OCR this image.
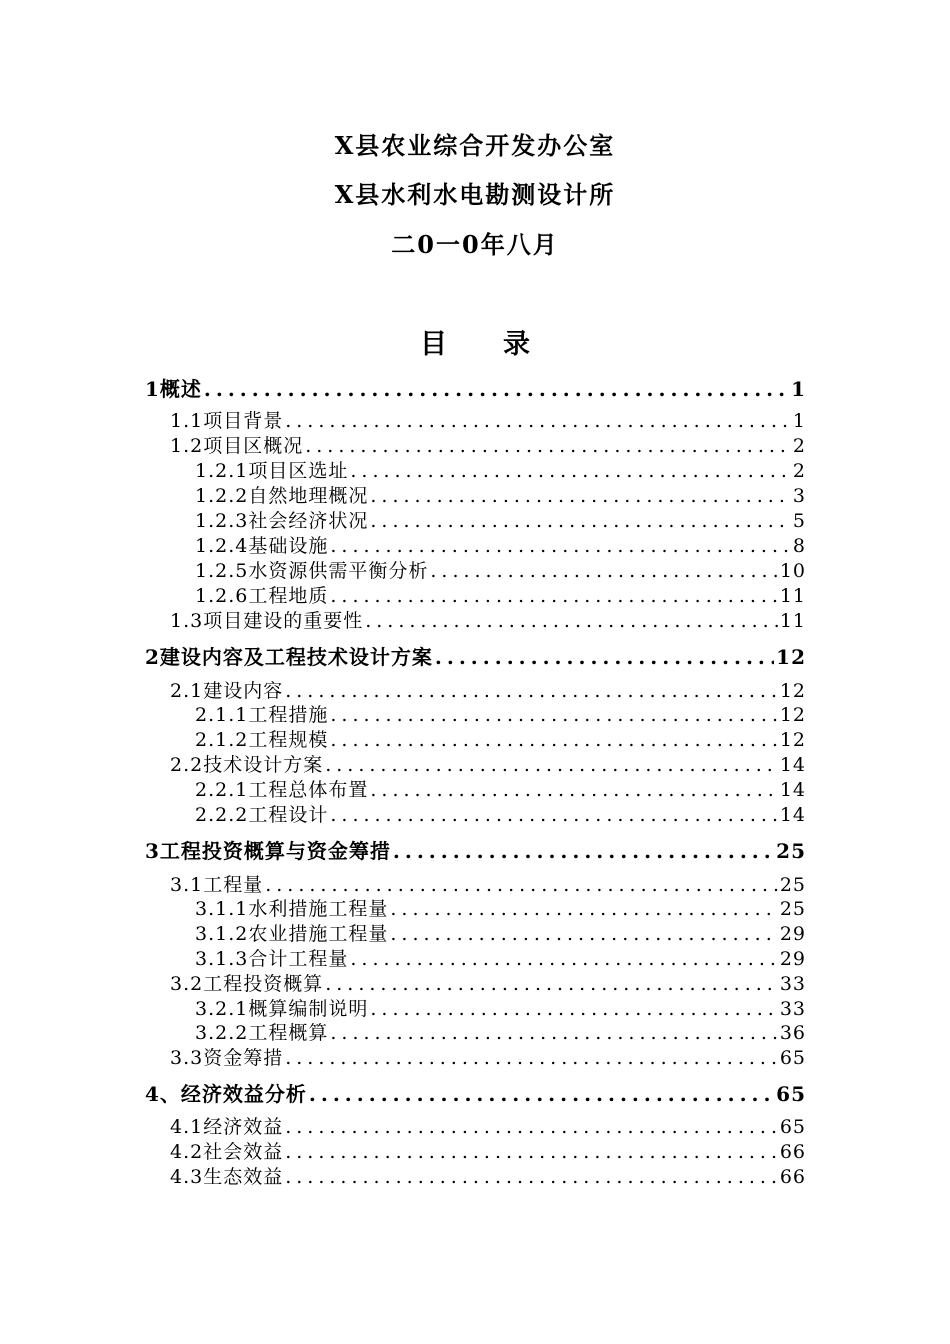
X县农业综合开发办公室
X县水利水电勘测设计所
二0一0年八月
目 录
1概述 .....	1
1.1项目背景 .....	1
1.2项目区概况 .....	2
1.2.1项目区选址 .....	2
1.2.2自然地理概况 .....	3
1.2.3社会经济状况 .....	5
1.2.4基础设施 .....	8
1.2.5水资源供需平衡分析 .....	10
1.2.6工程地质 .....	11
1.3项目建设的重要性 .....	11
2建设内容及工程技术设计方案 .....	12
2.1建设内容 .....	12
2.1.1工程措施 .....	12
2.1.2工程规模 .....	12
2.2技术设计方案 .....	14
2.2.1工程总体布置 .....	14
2.2.2工程设计 .....	14
3工程投资概算与资金筹措 .....	25
3.1工程量 .....	25
3.1.1水利措施工程量 .....	25
3.1.2农业措施工程量 .....	29
3.1.3合计工程量 .....	29
3.2工程投资概算 .....	33
3.2.1概算编制说明 .....	33
3.2.2工程概算 .....	36
3.3资金筹措 .....	65
4、经济效益分析 .....	65
4.1经济效益 .....	65
4.2社会效益 .....	66
4.3生态效益 .....	66
